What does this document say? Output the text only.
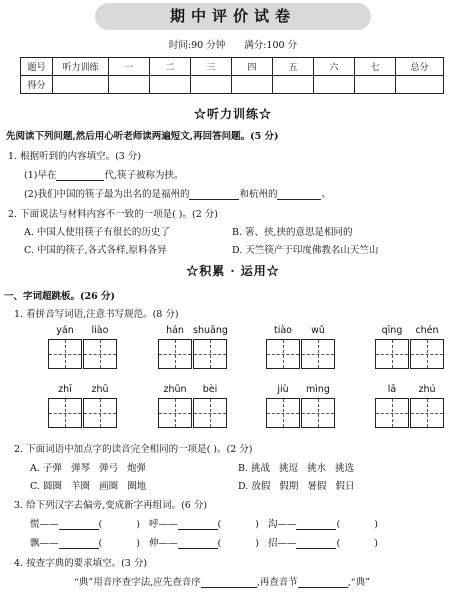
期中评价试卷
时间:90 分钟 满分:100 分
题号	听力训练	一	二	三	四	五	六	七	总分
得分									
☆听力训练☆
先阅读下列问题,然后用心听老师读两遍短文,再回答问题。(5 分)
1. 根据听到的内容填空。(3 分)
(1)早在	代,筷子被称为挟。
(2)我们中国的筷子最为出名的是福州的	和杭州的	。
2. 下面说法与材料内容不一致的一项是( )。(2 分)
A. 中国人使用筷子有很长的历史了	B. 箸、挟,挟的意思是相同的
C. 中国的筷子,各式各样,原料各异	D. 天竺筷产于印度佛教名山天竺山
☆积累 · 运用☆
一、字词超跳板。(26 分)
1. 看拼音写词语,注意书写规范。(8 分)
yán	liào	hán shuāng	tiào	wǔ	qīng	chén
zhī	zhū	zhǔn	bèi	jiù	mìng	lā	zhú
2. 下面词语中加点字的读音完全相同的一项是( )。(2 分)
A. 子弹 弹琴 弹弓 炮弹	B. 挑战 挑逗 挑水 挑选
C. 圆圈 羊圈 画圈 圈地	D. 放假 假期 暑假 假日
3. 给下列汉字去偏旁,变成新字再组词。(6 分)
慌——	(	) 呼——	(	) 沟——	(	)
飘——	(	) 伸——	(	) 招——	(	)
4. 按查字典的要求填空。(3 分)
“典”用音序查字法,应先查音序	,再查音节	,“典”
